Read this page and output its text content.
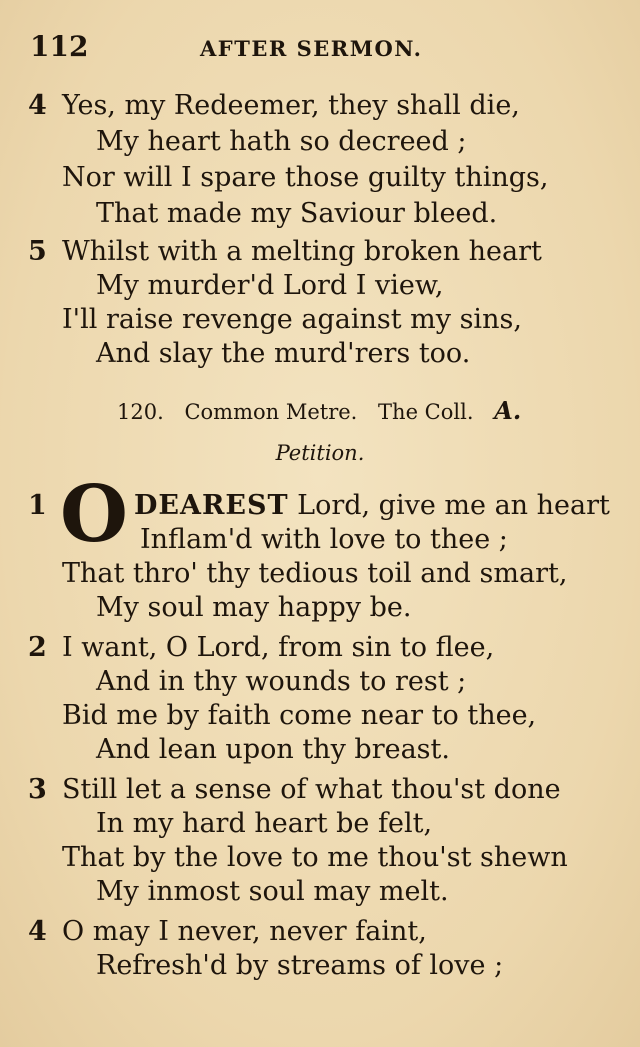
112	AFTER SERMON.
4 Yes, my Redeemer, they shall die,
My heart hath so decreed ;
Nor will I spare those guilty things,
That made my Saviour bleed.
5 Whilst with a melting broken heart
My murder'd Lord I view,
I'll raise revenge against my sins,
And slay the murd'rers too.
120. Common Metre. The Coll. A.
Petition.
1	DEAREST Lord, give me an heart
Inflam'd with love to thee ;
That thro' thy tedious toil and smart,
My soul may happy be.
O
2 I want, O Lord, from sin to flee,
And in thy wounds to rest ;
Bid me by faith come near to thee,
And lean upon thy breast.
3 Still let a sense of what thou'st done
In my hard heart be felt,
That by the love to me thou'st shewn
My inmost soul may melt.
4 O may I never, never faint,
Refresh'd by streams of love ;
